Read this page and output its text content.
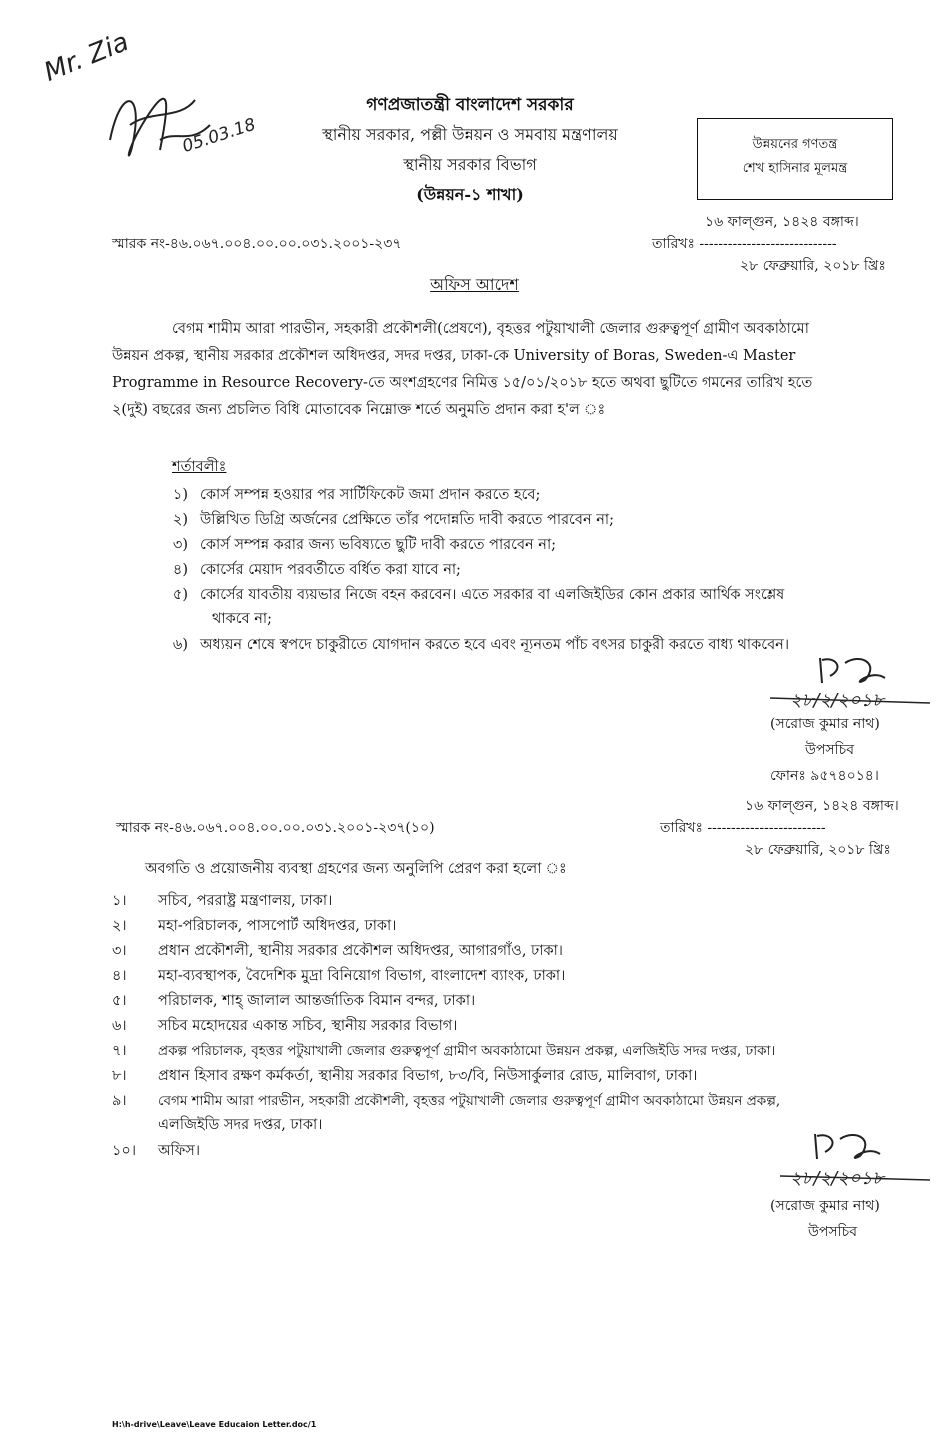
Mr. Zia
05.03.18
গণপ্রজাতন্ত্রী বাংলাদেশ সরকার
স্থানীয় সরকার, পল্লী উন্নয়ন ও সমবায় মন্ত্রণালয়
স্থানীয় সরকার বিভাগ
(উন্নয়ন-১ শাখা)
উন্নয়নের গণতন্ত্র
শেখ হাসিনার মূলমন্ত্র
১৬ ফাল্গুন, ১৪২৪ বঙ্গাব্দ।
স্মারক নং-৪৬.০৬৭.০০৪.০০.০০.০৩১.২০০১-২৩৭	তারিখঃ -----------------------------
২৮ ফেব্রুয়ারি, ২০১৮ খ্রিঃ
অফিস আদেশ
বেগম শামীম আরা পারভীন, সহকারী প্রকৌশলী(প্রেষণে), বৃহত্তর পটুয়াখালী জেলার গুরুত্বপূর্ণ গ্রামীণ অবকাঠামো
উন্নয়ন প্রকল্প, স্থানীয় সরকার প্রকৌশল অধিদপ্তর, সদর দপ্তর, ঢাকা-কে University of Boras, Sweden-এ Master
Programme in Resource Recovery-তে অংশগ্রহণের নিমিত্ত ১৫/০১/২০১৮ হতে অথবা ছুটিতে গমনের তারিখ হতে
২(দুই) বছরের জন্য প্রচলিত বিধি মোতাবেক নিম্নোক্ত শর্তে অনুমতি প্রদান করা হ'ল ঃ
শর্তাবলীঃ
১) কোর্স সম্পন্ন হওয়ার পর সার্টিফিকেট জমা প্রদান করতে হবে;
২) উল্লিখিত ডিগ্রি অর্জনের প্রেক্ষিতে তাঁর পদোন্নতি দাবী করতে পারবেন না;
৩) কোর্স সম্পন্ন করার জন্য ভবিষ্যতে ছুটি দাবী করতে পারবেন না;
৪) কোর্সের মেয়াদ পরবর্তীতে বর্ধিত করা যাবে না;
৫) কোর্সের যাবতীয় ব্যয়ভার নিজে বহন করবেন। এতে সরকার বা এলজিইডির কোন প্রকার আর্থিক সংশ্লেষ
থাকবে না;
৬) অধ্যয়ন শেষে স্বপদে চাকুরীতে যোগদান করতে হবে এবং ন্যূনতম পাঁচ বৎসর চাকুরী করতে বাধ্য থাকবেন।
২৮/২/২০১৮
(সরোজ কুমার নাথ)
উপসচিব
ফোনঃ ৯৫৭৪০১৪।
১৬ ফাল্গুন, ১৪২৪ বঙ্গাব্দ।
স্মারক নং-৪৬.০৬৭.০০৪.০০.০০.০৩১.২০০১-২৩৭(১০)	তারিখঃ -------------------------
২৮ ফেব্রুয়ারি, ২০১৮ খ্রিঃ
অবগতি ও প্রয়োজনীয় ব্যবস্থা গ্রহণের জন্য অনুলিপি প্রেরণ করা হলো ঃ
১। সচিব, পররাষ্ট্র মন্ত্রণালয়, ঢাকা।
২। মহা-পরিচালক, পাসপোর্ট অধিদপ্তর, ঢাকা।
৩। প্রধান প্রকৌশলী, স্থানীয় সরকার প্রকৌশল অধিদপ্তর, আগারগাঁও, ঢাকা।
৪। মহা-ব্যবস্থাপক, বৈদেশিক মুদ্রা বিনিয়োগ বিভাগ, বাংলাদেশ ব্যাংক, ঢাকা।
৫। পরিচালক, শাহ্ জালাল আন্তর্জাতিক বিমান বন্দর, ঢাকা।
৬। সচিব মহোদয়ের একান্ত সচিব, স্থানীয় সরকার বিভাগ।
৭। প্রকল্প পরিচালক, বৃহত্তর পটুয়াখালী জেলার গুরুত্বপূর্ণ গ্রামীণ অবকাঠামো উন্নয়ন প্রকল্প, এলজিইডি সদর দপ্তর, ঢাকা।
৮। প্রধান হিসাব রক্ষণ কর্মকর্তা, স্থানীয় সরকার বিভাগ, ৮৩/বি, নিউসার্কুলার রোড, মালিবাগ, ঢাকা।
৯। বেগম শামীম আরা পারভীন, সহকারী প্রকৌশলী, বৃহত্তর পটুয়াখালী জেলার গুরুত্বপূর্ণ গ্রামীণ অবকাঠামো উন্নয়ন প্রকল্প,
এলজিইডি সদর দপ্তর, ঢাকা।
১০। অফিস।
২৮/২/২০১৮
(সরোজ কুমার নাথ)
উপসচিব
H:\h-drive\Leave\Leave Educaion Letter.doc/1
